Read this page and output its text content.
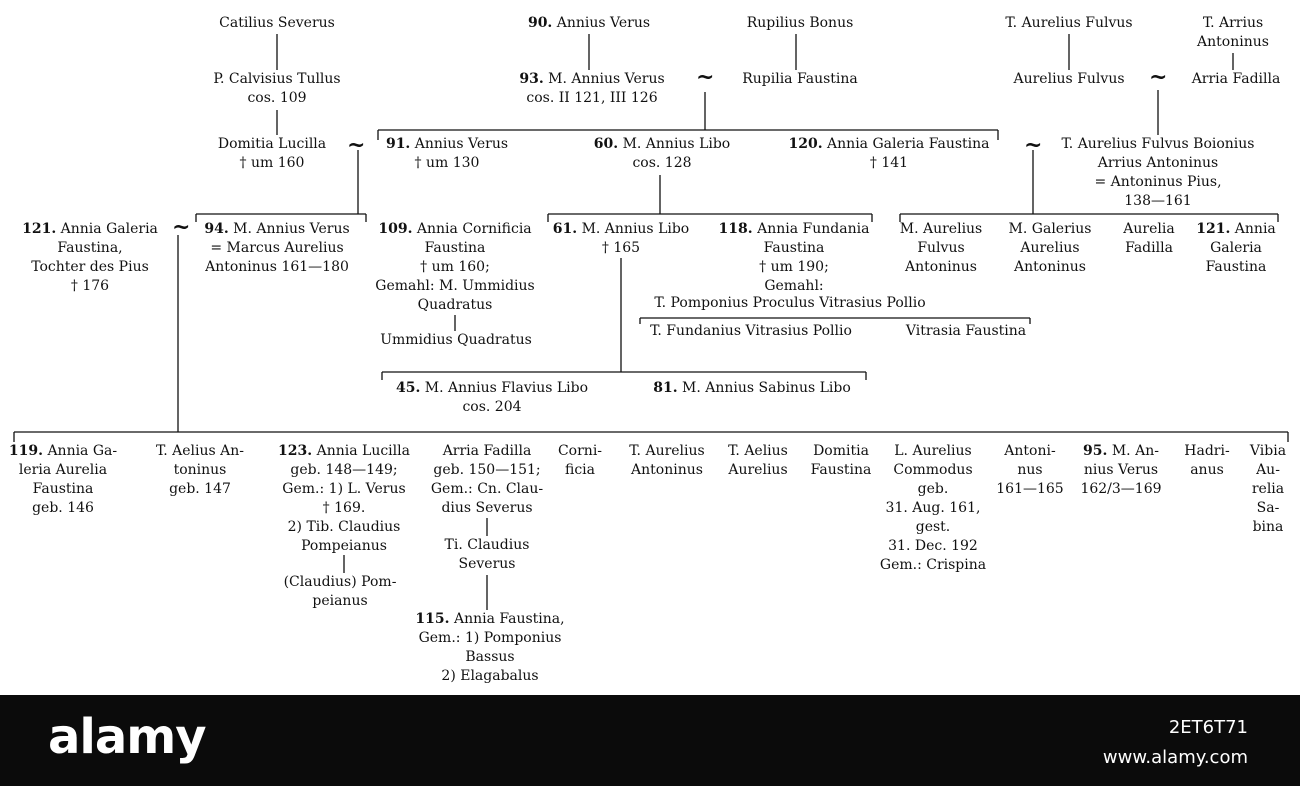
Catilius Severus
P. Calvisius Tullus
cos. 109
Domitia Lucilla
† um 160
90. Annius Verus
93. M. Annius Verus
cos. II 121, III 126
Rupilius Bonus
Rupilia Faustina
T. Aurelius Fulvus	T. Arrius
Antoninus
Aurelius Fulvus	Arria Fadilla
91. Annius Verus
† um 130
60. M. Annius Libo
cos. 128
120. Annia Galeria Faustina
† 141
T. Aurelius Fulvus Boionius
Arrius Antoninus
= Antoninus Pius,
138—161
121. Annia Galeria
Faustina,
Tochter des Pius
† 176
94. M. Annius Verus
= Marcus Aurelius
Antoninus 161—180
109. Annia Cornificia
Faustina
† um 160;
Gemahl: M. Ummidius
Quadratus
Ummidius Quadratus
61. M. Annius Libo
† 165
118. Annia Fundania
Faustina
† um 190;
Gemahl:
T. Pomponius Proculus Vitrasius Pollio
T. Fundanius Vitrasius Pollio	Vitrasia Faustina
M. Aurelius
Fulvus
Antoninus
M. Galerius
Aurelius
Antoninus
Aurelia
Fadilla
121. Annia
Galeria
Faustina
45. M. Annius Flavius Libo
cos. 204
81. M. Annius Sabinus Libo
119. Annia Ga-
leria Aurelia
Faustina
geb. 146
T. Aelius An-
toninus
geb. 147
123. Annia Lucilla
geb. 148—149;
Gem.: 1) L. Verus
† 169.
2) Tib. Claudius
Pompeianus
(Claudius) Pom-
peianus
Arria Fadilla
geb. 150—151;
Gem.: Cn. Clau-
dius Severus
Ti. Claudius
Severus
115. Annia Faustina,
Gem.: 1) Pomponius
Bassus
2) Elagabalus
Corni-
ficia
T. Aurelius
Antoninus
T. Aelius
Aurelius
Domitia
Faustina
L. Aurelius
Commodus
geb.
31. Aug. 161,
gest.
31. Dec. 192
Gem.: Crispina
Antoni-
nus
161—165
95. M. An-
nius Verus
162/3—169
Hadri-
anus
Vibia
Au-
relia
Sa-
bina
~
~	~
~
~
alamy	2ET6T71
www.alamy.com
